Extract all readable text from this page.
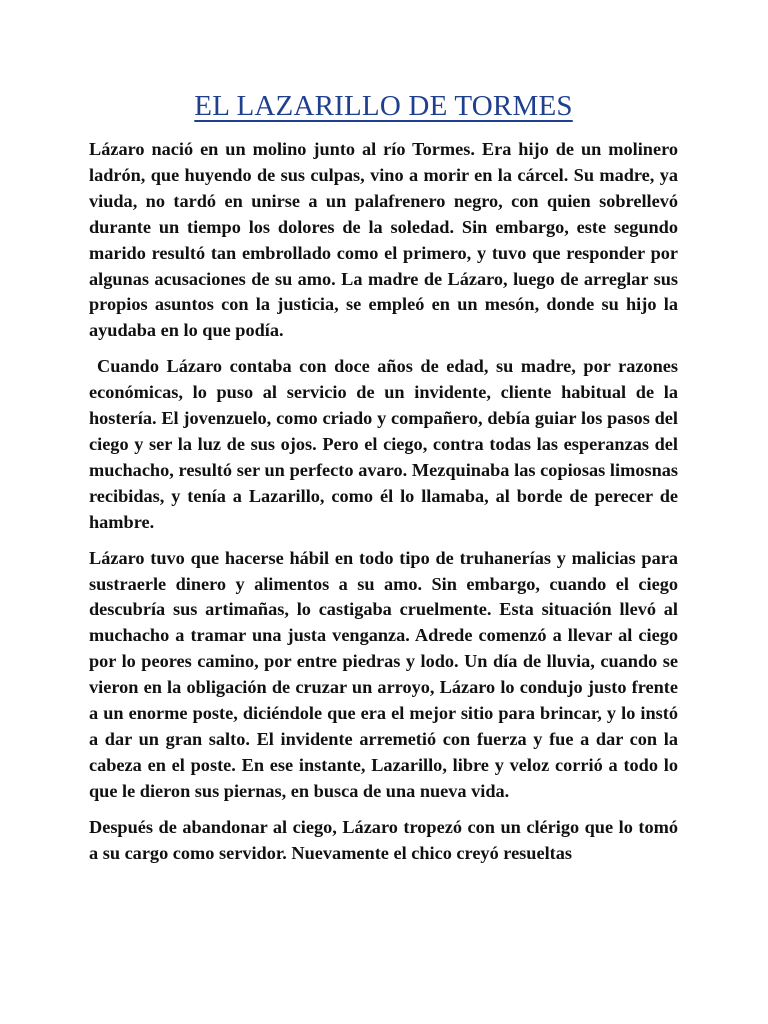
EL LAZARILLO DE TORMES

Lázaro nació en un molino junto al río Tormes. Era hijo de un molinero ladrón, que huyendo de sus culpas, vino a morir en la cárcel. Su madre, ya viuda, no tardó en unirse a un palafrenero negro, con quien sobrellevó durante un tiempo los dolores de la soledad. Sin embargo, este segundo marido resultó tan embrollado como el primero, y tuvo que responder por algunas acusaciones de su amo. La madre de Lázaro, luego de arreglar sus propios asuntos con la justicia, se empleó en un mesón, donde su hijo la ayudaba en lo que podía.

Cuando Lázaro contaba con doce años de edad, su madre, por razones económicas, lo puso al servicio de un invidente, cliente habitual de la hostería. El jovenzuelo, como criado y compañero, debía guiar los pasos del ciego y ser la luz de sus ojos. Pero el ciego, contra todas las esperanzas del muchacho, resultó ser un perfecto avaro. Mezquinaba las copiosas limosnas recibidas, y tenía a Lazarillo, como él lo llamaba, al borde de perecer de hambre.

Lázaro tuvo que hacerse hábil en todo tipo de truhanerías y malicias para sustraerle dinero y alimentos a su amo. Sin embargo, cuando el ciego descubría sus artimañas, lo castigaba cruelmente. Esta situación llevó al muchacho a tramar una justa venganza. Adrede comenzó a llevar al ciego por lo peores camino, por entre piedras y lodo. Un día de lluvia, cuando se vieron en la obligación de cruzar un arroyo, Lázaro lo condujo justo frente a un enorme poste, diciéndole que era el mejor sitio para brincar, y lo instó a dar un gran salto. El invidente arremetió con fuerza y fue a dar con la cabeza en el poste. En ese instante, Lazarillo, libre y veloz corrió a todo lo que le dieron sus piernas, en busca de una nueva vida.

Después de abandonar al ciego, Lázaro tropezó con un clérigo que lo tomó a su cargo como servidor. Nuevamente el chico creyó resueltas
